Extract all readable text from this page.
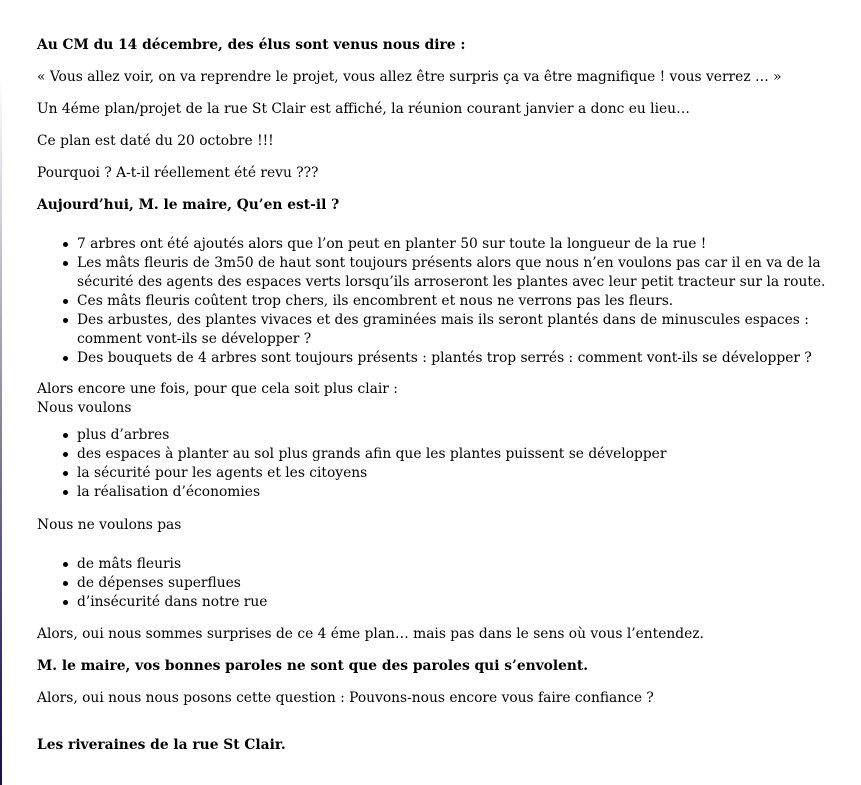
Au CM du 14 décembre, des élus sont venus nous dire :

« Vous allez voir, on va reprendre le projet, vous allez être surpris ça va être magnifique ! vous verrez … »

Un 4éme plan/projet de la rue St Clair est affiché, la réunion courant janvier a donc eu lieu…

Ce plan est daté du 20 octobre !!!

Pourquoi ? A-t-il réellement été revu ???

Aujourd’hui, M. le maire, Qu’en est-il ?

7 arbres ont été ajoutés alors que l’on peut en planter 50 sur toute la longueur de la rue !
Les mâts fleuris de 3m50 de haut sont toujours présents alors que nous n’en voulons pas car il en va de la sécurité des agents des espaces verts lorsqu’ils arroseront les plantes avec leur petit tracteur sur la route.
Ces mâts fleuris coûtent trop chers, ils encombrent et nous ne verrons pas les fleurs.
Des arbustes, des plantes vivaces et des graminées mais ils seront plantés dans de minuscules espaces : comment vont-ils se développer ?
Des bouquets de 4 arbres sont toujours présents : plantés trop serrés : comment vont-ils se développer ?

Alors encore une fois, pour que cela soit plus clair :

Nous voulons

plus d’arbres
des espaces à planter au sol plus grands afin que les plantes puissent se développer
la sécurité pour les agents et les citoyens
la réalisation d’économies

Nous ne voulons pas

de mâts fleuris
de dépenses superflues
d’insécurité dans notre rue

Alors, oui nous sommes surprises de ce 4 éme plan… mais pas dans le sens où vous l’entendez.

M. le maire, vos bonnes paroles ne sont que des paroles qui s’envolent.

Alors, oui nous nous posons cette question : Pouvons-nous encore vous faire confiance ?

Les riveraines de la rue St Clair.
